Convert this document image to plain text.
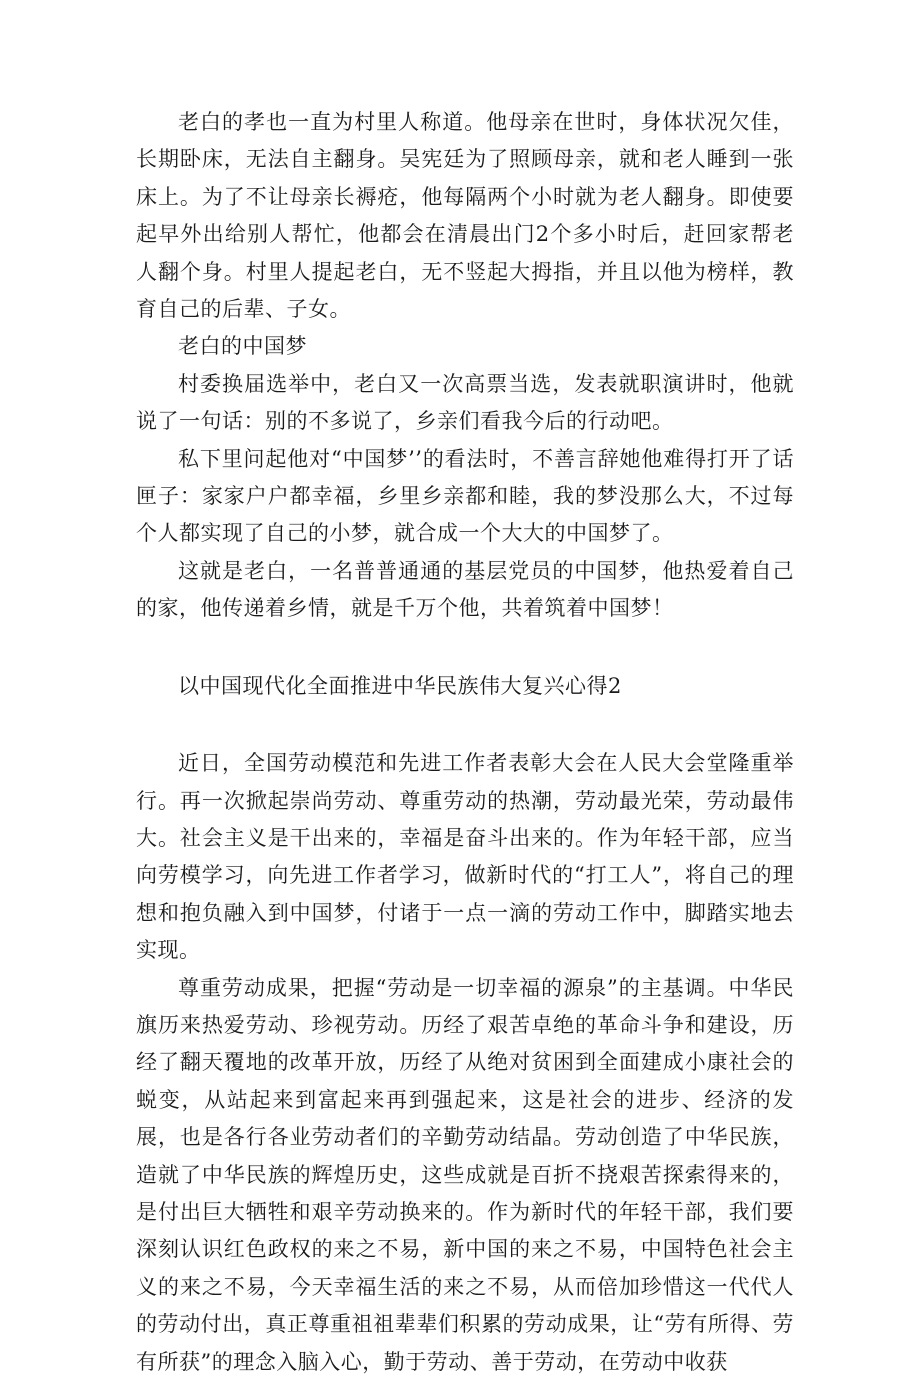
老白的孝也一直为村里人称道。他母亲在世时，身体状况欠佳，长期卧床，无法自主翻身。吴宪廷为了照顾母亲，就和老人睡到一张床上。为了不让母亲长褥疮，他每隔两个小时就为老人翻身。即使要起早外出给别人帮忙，他都会在清晨出门2个多小时后，赶回家帮老人翻个身。村里人提起老白，无不竖起大拇指，并且以他为榜样，教育自己的后辈、子女。

老白的中国梦

村委换届选举中，老白又一次高票当选，发表就职演讲时，他就说了一句话：别的不多说了，乡亲们看我今后的行动吧。

私下里问起他对“中国梦’’的看法时，不善言辞她他难得打开了话匣子：家家户户都幸福，乡里乡亲都和睦，我的梦没那么大，不过每个人都实现了自己的小梦，就合成一个大大的中国梦了。

这就是老白，一名普普通通的基层党员的中国梦，他热爱着自己的家，他传递着乡情，就是千万个他，共着筑着中国梦！

以中国现代化全面推进中华民族伟大复兴心得2

近日，全国劳动模范和先进工作者表彰大会在人民大会堂隆重举行。再一次掀起崇尚劳动、尊重劳动的热潮，劳动最光荣，劳动最伟大。社会主义是干出来的，幸福是奋斗出来的。作为年轻干部，应当向劳模学习，向先进工作者学习，做新时代的“打工人”，将自己的理想和抱负融入到中国梦，付诸于一点一滴的劳动工作中，脚踏实地去实现。

尊重劳动成果，把握“劳动是一切幸福的源泉”的主基调。中华民旗历来热爱劳动、珍视劳动。历经了艰苦卓绝的革命斗争和建设，历经了翻天覆地的改革开放，历经了从绝对贫困到全面建成小康社会的蜕变，从站起来到富起来再到强起来，这是社会的进步、经济的发展，也是各行各业劳动者们的辛勤劳动结晶。劳动创造了中华民族，造就了中华民族的辉煌历史，这些成就是百折不挠艰苦探索得来的，是付出巨大牺牲和艰辛劳动换来的。作为新时代的年轻干部，我们要深刻认识红色政权的来之不易，新中国的来之不易，中国特色社会主义的来之不易，今天幸福生活的来之不易，从而倍加珍惜这一代代人的劳动付出，真正尊重祖祖辈辈们积累的劳动成果，让“劳有所得、劳有所获”的理念入脑入心，勤于劳动、善于劳动，在劳动中收获
